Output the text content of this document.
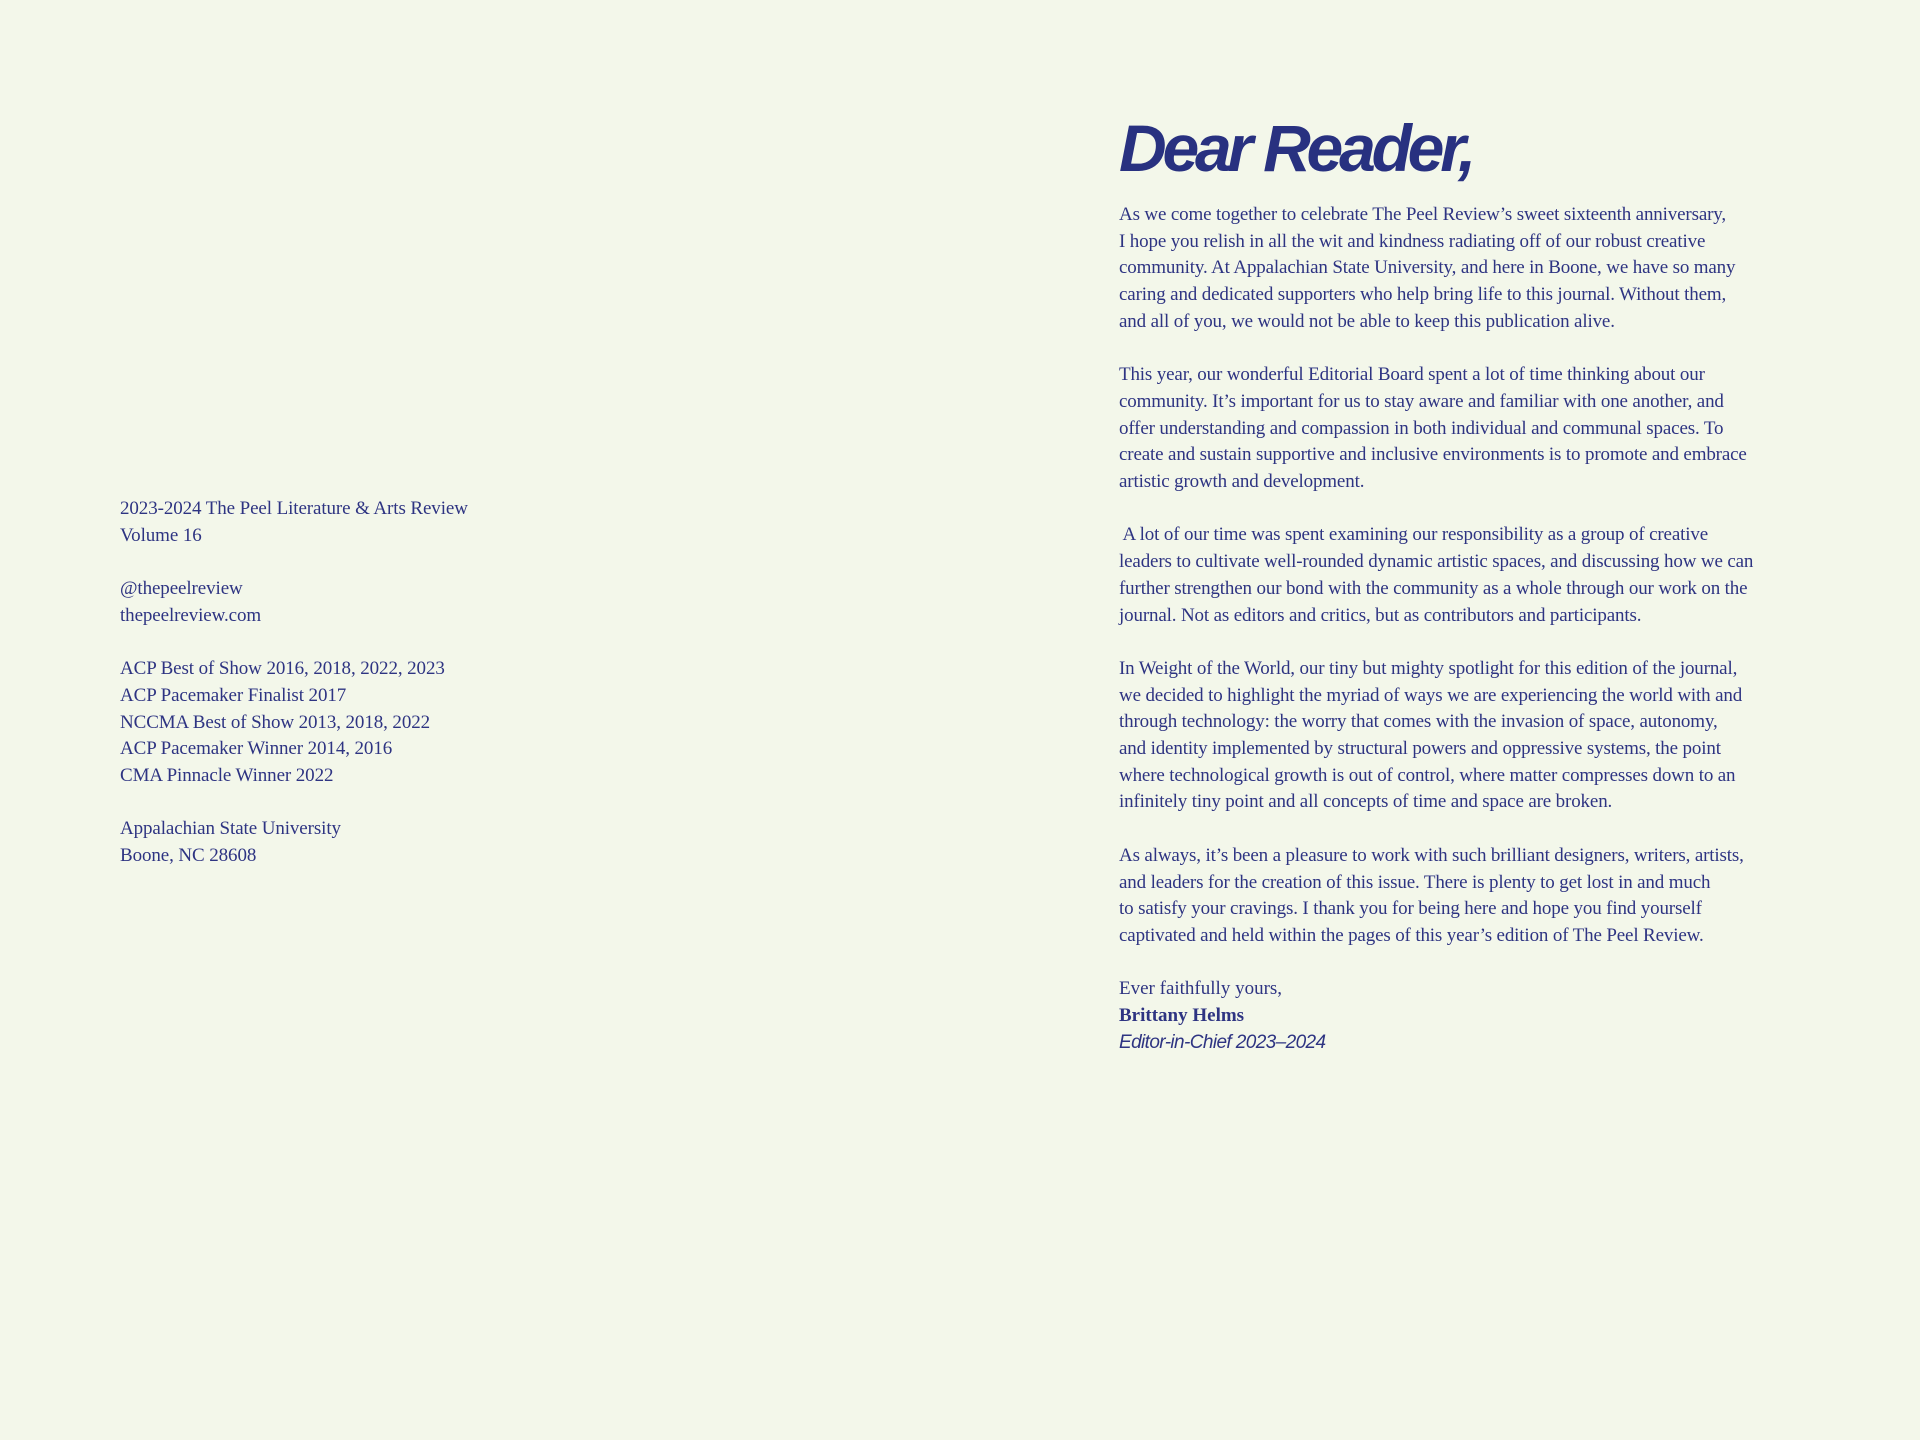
2023-2024 The Peel Literature & Arts Review
Volume 16
@thepeelreview
thepeelreview.com
ACP Best of Show 2016, 2018, 2022, 2023
ACP Pacemaker Finalist 2017
NCCMA Best of Show 2013, 2018, 2022
ACP Pacemaker Winner 2014, 2016
CMA Pinnacle Winner 2022
Appalachian State University
Boone, NC 28608
Dear Reader,
As we come together to celebrate The Peel Review’s sweet sixteenth anniversary,
I hope you relish in all the wit and kindness radiating off of our robust creative
community. At Appalachian State University, and here in Boone, we have so many
caring and dedicated supporters who help bring life to this journal. Without them,
and all of you, we would not be able to keep this publication alive.
This year, our wonderful Editorial Board spent a lot of time thinking about our
community. It’s important for us to stay aware and familiar with one another, and
offer understanding and compassion in both individual and communal spaces. To
create and sustain supportive and inclusive environments is to promote and embrace
artistic growth and development.
A lot of our time was spent examining our responsibility as a group of creative
leaders to cultivate well-rounded dynamic artistic spaces, and discussing how we can
further strengthen our bond with the community as a whole through our work on the
journal. Not as editors and critics, but as contributors and participants.
In Weight of the World, our tiny but mighty spotlight for this edition of the journal,
we decided to highlight the myriad of ways we are experiencing the world with and
through technology: the worry that comes with the invasion of space, autonomy,
and identity implemented by structural powers and oppressive systems, the point
where technological growth is out of control, where matter compresses down to an
infinitely tiny point and all concepts of time and space are broken.
As always, it’s been a pleasure to work with such brilliant designers, writers, artists,
and leaders for the creation of this issue. There is plenty to get lost in and much
to satisfy your cravings. I thank you for being here and hope you find yourself
captivated and held within the pages of this year’s edition of The Peel Review.
Ever faithfully yours,
Brittany Helms
Editor-in-Chief 2023–2024
